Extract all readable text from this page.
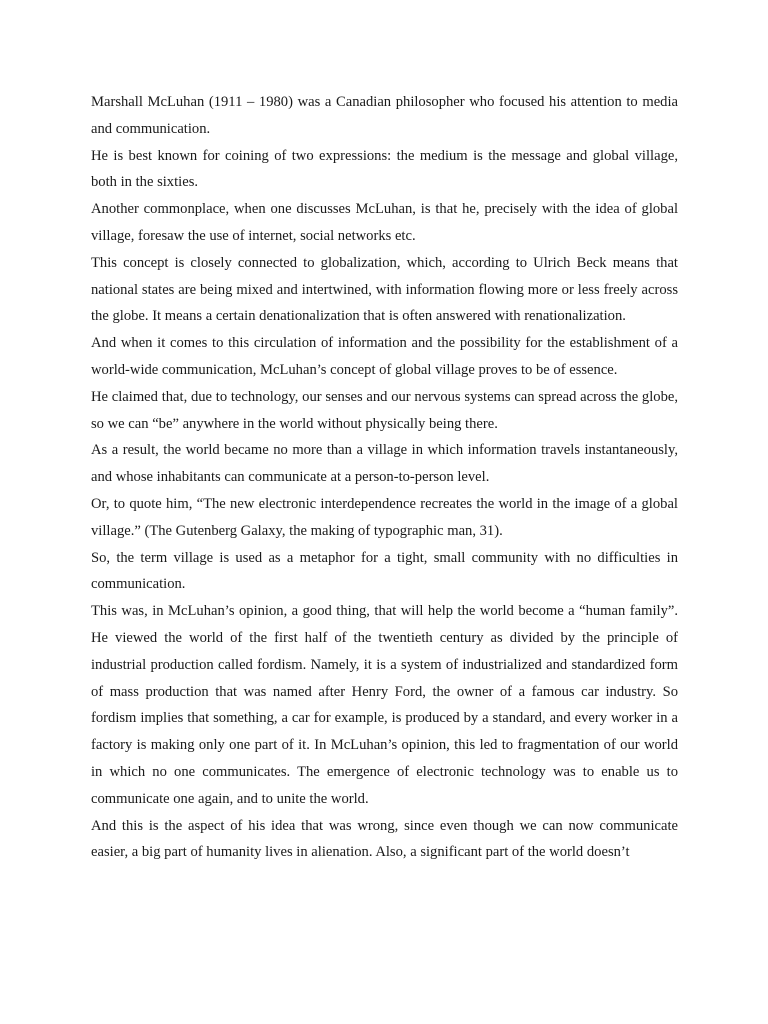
Marshall McLuhan (1911 – 1980) was a Canadian philosopher who focused his attention to media and communication.

He is best known for coining of two expressions: the medium is the message and global village, both in the sixties.

Another commonplace, when one discusses McLuhan, is that he, precisely with the idea of global village, foresaw the use of internet, social networks etc.

This concept is closely connected to globalization, which, according to Ulrich Beck means that national states are being mixed and intertwined, with information flowing more or less freely across the globe. It means a certain denationalization that is often answered with renationalization.

And when it comes to this circulation of information and the possibility for the establishment of a world-wide communication, McLuhan’s concept of global village proves to be of essence.

He claimed that, due to technology, our senses and our nervous systems can spread across the globe, so we can “be” anywhere in the world without physically being there.

As a result, the world became no more than a village in which information travels instantaneously, and whose inhabitants can communicate at a person-to-person level.

Or, to quote him, “The new electronic interdependence recreates the world in the image of a global village.” (The Gutenberg Galaxy, the making of typographic man, 31).

So, the term village is used as a metaphor for a tight, small community with no difficulties in communication.

This was, in McLuhan’s opinion, a good thing, that will help the world become a “human family”. He viewed the world of the first half of the twentieth century as divided by the principle of industrial production called fordism. Namely, it is a system of industrialized and standardized form of mass production that was named after Henry Ford, the owner of a famous car industry. So fordism implies that something, a car for example, is produced by a standard, and every worker in a factory is making only one part of it. In McLuhan’s opinion, this led to fragmentation of our world in which no one communicates. The emergence of electronic technology was to enable us to communicate one again, and to unite the world.

And this is the aspect of his idea that was wrong, since even though we can now communicate easier, a big part of humanity lives in alienation. Also, a significant part of the world doesn’t
